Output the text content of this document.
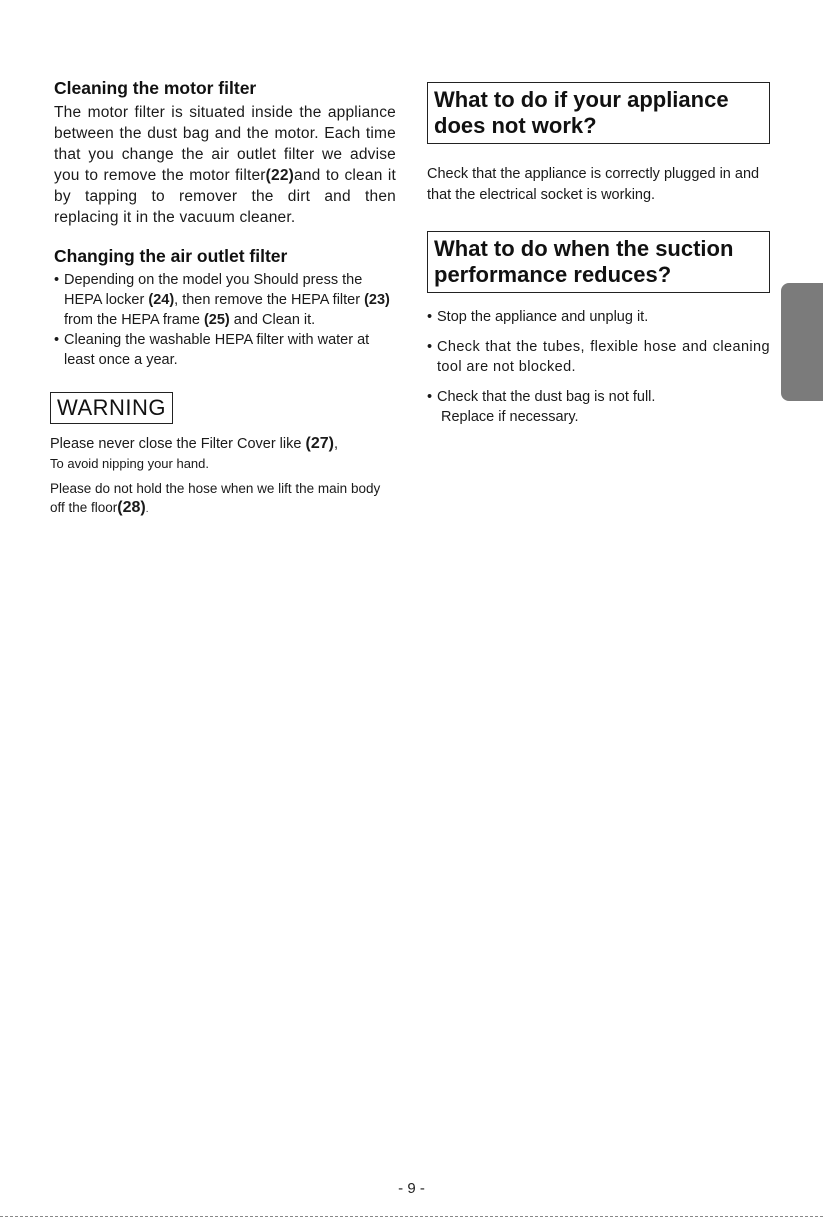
Cleaning the motor filter

The motor filter is situated inside the appliance between the dust bag and the motor. Each time that you change the air outlet filter we advise you to remove the motor filter(22)and to clean it by tapping to remover the dirt and then replacing it in the vacuum cleaner.

Changing the air outlet filter
• Depending on the model you Should press the HEPA locker (24), then remove the HEPA filter (23) from the HEPA frame (25) and Clean it.
• Cleaning the washable HEPA filter with water at least once a year.
WARNING

Please never close the Filter Cover like (27),

To avoid nipping your hand.

Please do not hold the hose when we lift the main body off the floor(28).

What to do if your appliance does not work?

Check that the appliance is correctly plugged in and that the electrical socket is working.

What to do when the suction performance reduces?
• Stop the appliance and unplug it.
• Check that the tubes, flexible hose and cleaning tool are not blocked.
• Check that the dust bag is not full.
Replace if necessary.
- 9 -
